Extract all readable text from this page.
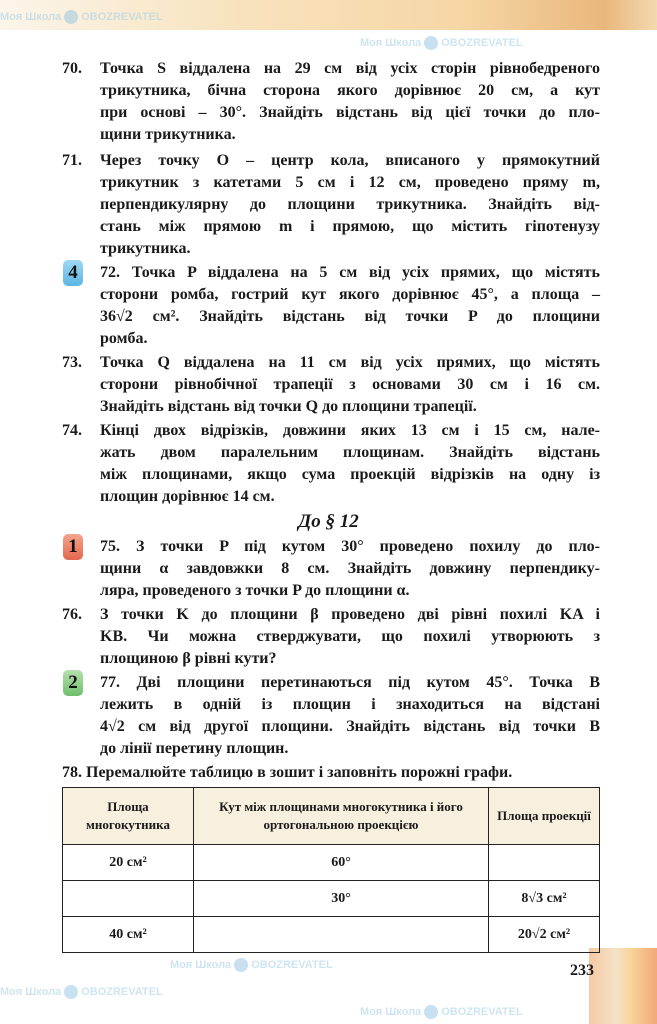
Моя Школа OBOZREVATEL
Моя Школа OBOZREVATEL
Моя Школа OBOZREVATEL
Моя Школа OBOZREVATEL
Моя Школа OBOZREVATEL
4
1
2
70. Точка S віддалена на 29 см від усіх сторін рівнобедреного
трикутника, бічна сторона якого дорівнює 20 см, а кут
при основі – 30°. Знайдіть відстань від цієї точки до пло-
щини трикутника.
71. Через точку O – центр кола, вписаного у прямокутний
трикутник з катетами 5 см і 12 см, проведено пряму m,
перпендикулярну до площини трикутника. Знайдіть від-
стань між прямою m і прямою, що містить гіпотенузу
трикутника.
72. Точка P віддалена на 5 см від усіх прямих, що містять
сторони ромба, гострий кут якого дорівнює 45°, а площа –
36√2 см². Знайдіть відстань від точки P до площини
ромба.
73. Точка Q віддалена на 11 см від усіх прямих, що містять
сторони рівнобічної трапеції з основами 30 см і 16 см.
Знайдіть відстань від точки Q до площини трапеції.
74. Кінці двох відрізків, довжини яких 13 см і 15 см, нале-
жать двом паралельним площинам. Знайдіть відстань
між площинами, якщо сума проекцій відрізків на одну із
площин дорівнює 14 см.
75. З точки P під кутом 30° проведено похилу до пло-
щини α завдовжки 8 см. Знайдіть довжину перпендику-
ляра, проведеного з точки P до площини α.
76. З точки K до площини β проведено дві рівні похилі KA і
KB. Чи можна стверджувати, що похилі утворюють з
площиною β рівні кути?
77. Дві площини перетинаються під кутом 45°. Точка B
лежить в одній із площин і знаходиться на відстані
4√2 см від другої площини. Знайдіть відстань від точки B
до лінії перетину площин.
78. Перемалюйте таблицю в зошит і заповніть порожні графи.
До § 12
Площа многокутника	Кут між площинами многокутника і його ортогональною проекцією	Площа проекції
20 см²	60°	
	30°	8√3 см²
40 см²		20√2 см²
233
